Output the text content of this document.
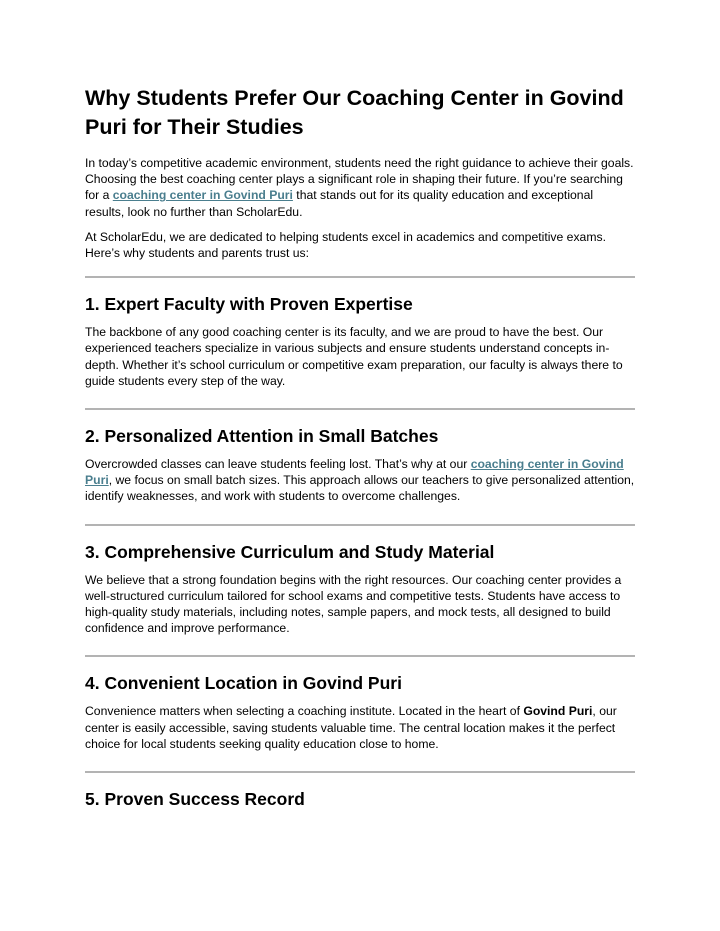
Why Students Prefer Our Coaching Center in Govind Puri for Their Studies

In today’s competitive academic environment, students need the right guidance to achieve their goals. Choosing the best coaching center plays a significant role in shaping their future. If you’re searching for a coaching center in Govind Puri that stands out for its quality education and exceptional results, look no further than ScholarEdu.

At ScholarEdu, we are dedicated to helping students excel in academics and competitive exams. Here’s why students and parents trust us:

1. Expert Faculty with Proven Expertise

The backbone of any good coaching center is its faculty, and we are proud to have the best. Our experienced teachers specialize in various subjects and ensure students understand concepts in-depth. Whether it’s school curriculum or competitive exam preparation, our faculty is always there to guide students every step of the way.

2. Personalized Attention in Small Batches

Overcrowded classes can leave students feeling lost. That’s why at our coaching center in Govind Puri, we focus on small batch sizes. This approach allows our teachers to give personalized attention, identify weaknesses, and work with students to overcome challenges.

3. Comprehensive Curriculum and Study Material

We believe that a strong foundation begins with the right resources. Our coaching center provides a well-structured curriculum tailored for school exams and competitive tests. Students have access to high-quality study materials, including notes, sample papers, and mock tests, all designed to build confidence and improve performance.

4. Convenient Location in Govind Puri

Convenience matters when selecting a coaching institute. Located in the heart of Govind Puri, our center is easily accessible, saving students valuable time. The central location makes it the perfect choice for local students seeking quality education close to home.

5. Proven Success Record
